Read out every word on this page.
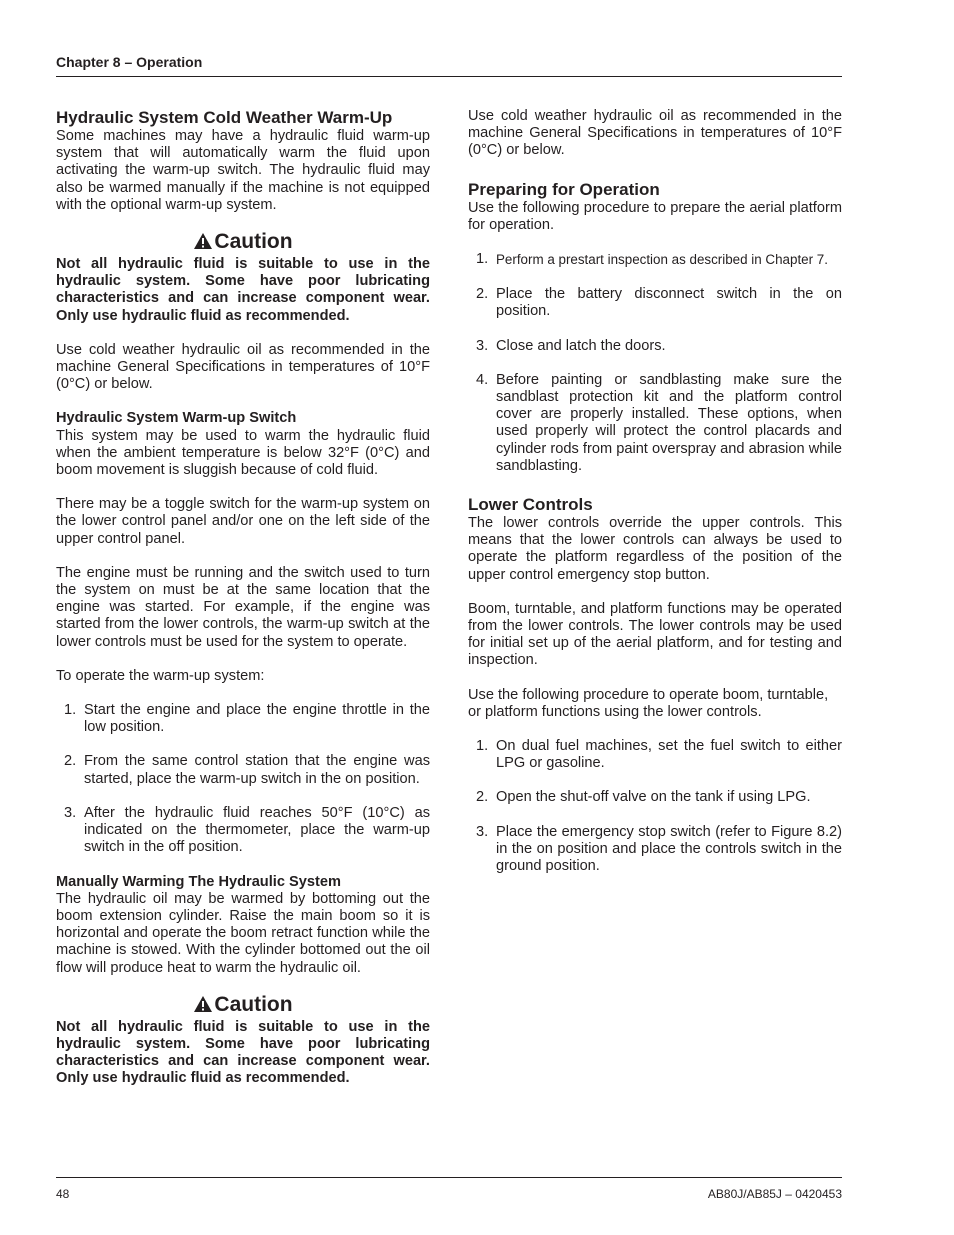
Chapter 8 – Operation
Hydraulic System Cold Weather Warm-Up

Some machines may have a hydraulic fluid warm-up system that will automatically warm the fluid upon activating the warm-up switch. The hydraulic fluid may also be warmed manually if the machine is not equipped with the optional warm-up system.

Caution
Not all hydraulic fluid is suitable to use in the hydraulic system. Some have poor lubricating characteristics and can increase component wear. Only use hydraulic fluid as recommended.

Use cold weather hydraulic oil as recommended in the machine General Specifications in temperatures of 10°F (0°C) or below.

Hydraulic System Warm-up Switch

This system may be used to warm the hydraulic fluid when the ambient temperature is below 32°F (0°C) and boom movement is sluggish because of cold fluid.

There may be a toggle switch for the warm-up system on the lower control panel and/or one on the left side of the upper control panel.

The engine must be running and the switch used to turn the system on must be at the same location that the engine was started. For example, if the engine was started from the lower controls, the warm-up switch at the lower controls must be used for the system to operate.

To operate the warm-up system:

1. Start the engine and place the engine throttle in the low position.
2. From the same control station that the engine was started, place the warm-up switch in the on position.
3. After the hydraulic fluid reaches 50°F (10°C) as indicated on the thermometer, place the warm-up switch in the off position.
Manually Warming The Hydraulic System

The hydraulic oil may be warmed by bottoming out the boom extension cylinder. Raise the main boom so it is horizontal and operate the boom retract function while the machine is stowed. With the cylinder bottomed out the oil flow will produce heat to warm the hydraulic oil.

Caution
Not all hydraulic fluid is suitable to use in the hydraulic system. Some have poor lubricating characteristics and can increase component wear. Only use hydraulic fluid as recommended.

Use cold weather hydraulic oil as recommended in the machine General Specifications in temperatures of 10°F (0°C) or below.

Preparing for Operation

Use the following procedure to prepare the aerial platform for operation.

1. Perform a prestart inspection as described in Chapter 7.
2. Place the battery disconnect switch in the on position.
3. Close and latch the doors.
4. Before painting or sandblasting make sure the sandblast protection kit and the platform control cover are properly installed. These options, when used properly will protect the control placards and cylinder rods from paint overspray and abrasion while sandblasting.
Lower Controls

The lower controls override the upper controls. This means that the lower controls can always be used to operate the platform regardless of the position of the upper control emergency stop button.

Boom, turntable, and platform functions may be operated from the lower controls. The lower controls may be used for initial set up of the aerial platform, and for testing and inspection.

Use the following procedure to operate boom, turntable, or platform functions using the lower controls.

1. On dual fuel machines, set the fuel switch to either LPG or gasoline.
2. Open the shut-off valve on the tank if using LPG.
3. Place the emergency stop switch (refer to Figure 8.2) in the on position and place the controls switch in the ground position.
48	AB80J/AB85J – 0420453
